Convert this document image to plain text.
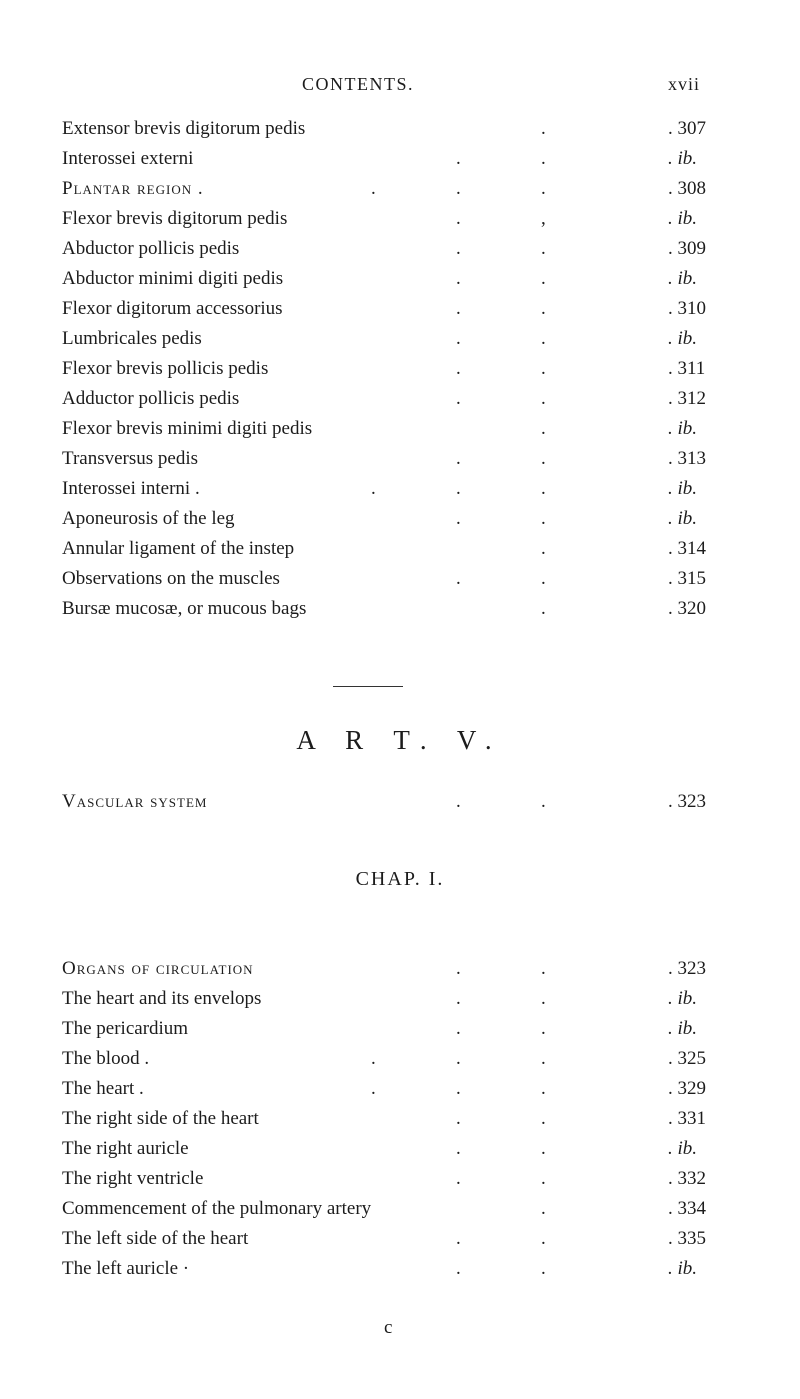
CONTENTS.	xvii
Extensor brevis digitorum pedis	.	. 307
Interossei externi	.	.	. ib.
Plantar region .	.	.	.	. 308
Flexor brevis digitorum pedis	.	,	. ib.
Abductor pollicis pedis	.	.	. 309
Abductor minimi digiti pedis	.	.	. ib.
Flexor digitorum accessorius	.	.	. 310
Lumbricales pedis	.	.	. ib.
Flexor brevis pollicis pedis	.	.	. 311
Adductor pollicis pedis	.	.	. 312
Flexor brevis minimi digiti pedis	.	. ib.
Transversus pedis	.	.	. 313
Interossei interni .	.	.	.	. ib.
Aponeurosis of the leg	.	.	. ib.
Annular ligament of the instep	.	. 314
Observations on the muscles	.	.	. 315
Bursæ mucosæ, or mucous bags	.	. 320
A R T. V.
Vascular system	.	.	. 323
CHAP. I.
Organs of circulation	.	.	. 323
The heart and its envelops	.	.	. ib.
The pericardium	.	.	. ib.
The blood .	.	.	.	. 325
The heart .	.	.	.	. 329
The right side of the heart	.	.	. 331
The right auricle	.	.	. ib.
The right ventricle	.	.	. 332
Commencement of the pulmonary artery	.	. 334
The left side of the heart	.	.	. 335
The left auricle ·	.	.	. ib.
c
